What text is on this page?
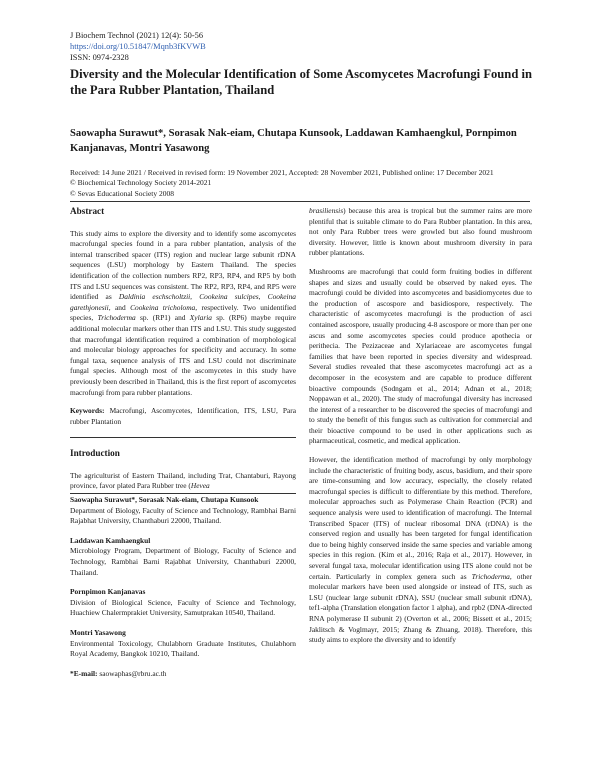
J Biochem Technol (2021) 12(4): 50-56
https://doi.org/10.51847/Mqnb3fKVWB
ISSN: 0974-2328
Diversity and the Molecular Identification of Some Ascomycetes Macrofungi Found in the Para Rubber Plantation, Thailand
Saowapha Surawut*, Sorasak Nak-eiam, Chutapa Kunsook, Laddawan Kamhaengkul, Pornpimon Kanjanavas, Montri Yasawong
Received: 14 June 2021 / Received in revised form: 19 November 2021, Accepted: 28 November 2021, Published online: 17 December 2021
© Biochemical Technology Society 2014-2021
© Sevas Educational Society 2008
Abstract

This study aims to explore the diversity and to identify some ascomycetes macrofungal species found in a para rubber plantation, analysis of the internal transcribed spacer (ITS) region and nuclear large subunit rDNA sequences (LSU) morphology by Eastern Thailand. The species identification of the collection numbers RP2, RP3, RP4, and RP5 by both ITS and LSU sequences was consistent. The RP2, RP3, RP4, and RP5 were identified as Daldinia eschscholtzii, Cookeina sulcipes, Cookeina garethjonesii, and Cookeina tricholoma, respectively. Two unidentified species, Trichoderma sp. (RP1) and Xylaria sp. (RP6) maybe require additional molecular markers other than ITS and LSU. This study suggested that macrofungal identification required a combination of morphological and molecular biology approaches for specificity and accuracy. In some fungal taxa, sequence analysis of ITS and LSU could not discriminate fungal species. Although most of the ascomycetes in this study have previously been described in Thailand, this is the first report of ascomycetes macrofungi from para rubber plantations.

Keywords: Macrofungi, Ascomycetes, Identification, ITS, LSU, Para rubber Plantation

Introduction

The agriculturist of Eastern Thailand, including Trat, Chantaburi, Rayong province, favor plated Para Rubber tree (Hevea

Saowapha Surawut*, Sorasak Nak-eiam, Chutapa Kunsook
Department of Biology, Faculty of Science and Technology, Rambhai Barni Rajabhat University, Chanthaburi 22000, Thailand.

Laddawan Kamhaengkul
Microbiology Program, Department of Biology, Faculty of Science and Technology, Rambhai Barni Rajabhat University, Chanthaburi 22000, Thailand.

Pornpimon Kanjanavas
Division of Biological Science, Faculty of Science and Technology, Huachiew Chalermprakiet University, Samutprakan 10540, Thailand.

Montri Yasawong
Environmental Toxicology, Chulabhorn Graduate Institutes, Chulabhorn Royal Academy, Bangkok 10210, Thailand.

*E-mail: saowaphas@rbru.ac.th

brasiliensis) because this area is tropical but the summer rains are more plentiful that is suitable climate to do Para Rubber plantation. In this area, not only Para Rubber trees were growled but also found mushroom diversity. However, little is known about mushroom diversity in para rubber plantations.

Mushrooms are macrofungi that could form fruiting bodies in different shapes and sizes and usually could be observed by naked eyes. The macrofungi could be divided into ascomycetes and basidiomycetes due to the production of ascospore and basidiospore, respectively. The characteristic of ascomycetes macrofungi is the production of asci contained ascospore, usually producing 4-8 ascospore or more than per one ascus and some ascomycetes species could produce apothecia or perithecia. The Pezizaceae and Xylariaceae are ascomycetes fungal families that have been reported in species diversity and widespread. Several studies revealed that these ascomycetes macrofungi act as a decomposer in the ecosystem and are capable to produce different bioactive compounds (Sodngam et al., 2014; Adnan et al., 2018; Noppawan et al., 2020). The study of macrofungal diversity has increased the interest of a researcher to be discovered the species of macrofungi and to study the benefit of this fungus such as cultivation for commercial and their bioactive compound to be used in other applications such as pharmaceutical, cosmetic, and medical application.

However, the identification method of macrofungi by only morphology include the characteristic of fruiting body, ascus, basidium, and their spore are time-consuming and low accuracy, especially, the closely related macrofungal species is difficult to differentiate by this method. Therefore, molecular approaches such as Polymerase Chain Reaction (PCR) and sequence analysis were used to identification of macrofungi. The Internal Transcribed Spacer (ITS) of nuclear ribosomal DNA (rDNA) is the conserved region and usually has been targeted for fungal identification due to being highly conserved inside the same species and variable among species in this region. (Kim et al., 2016; Raja et al., 2017). However, in several fungal taxa, molecular identification using ITS alone could not be certain. Particularly in complex genera such as Trichoderma, other molecular markers have been used alongside or instead of ITS, such as LSU (nuclear large subunit rDNA), SSU (nuclear small subunit rDNA), tef1-alpha (Translation elongation factor 1 alpha), and rpb2 (DNA-directed RNA polymerase II subunit 2) (Overton et al., 2006; Bissett et al., 2015; Jaklitsch & Voglmayr, 2015; Zhang & Zhuang, 2018). Therefore, this study aims to explore the diversity and to identify
